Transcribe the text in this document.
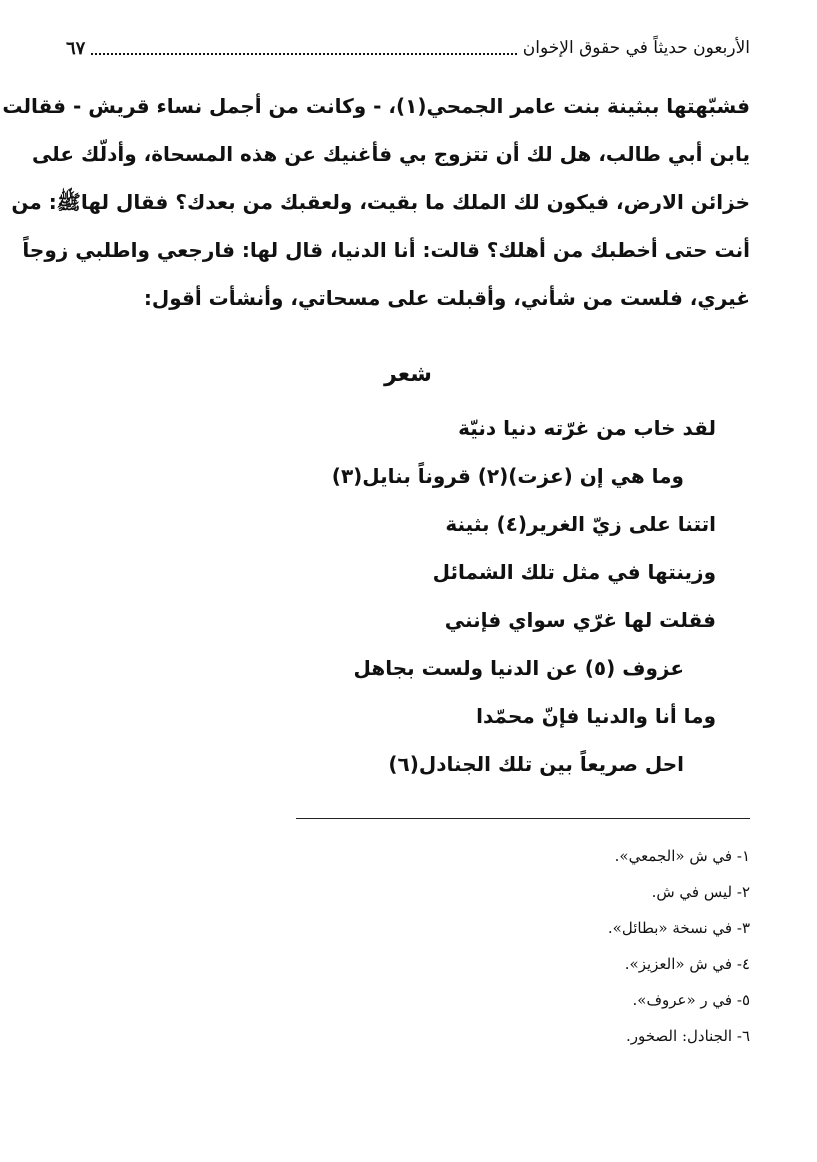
الأربعون حديثاً في حقوق الإخوان
٦٧
فشبّهتها ببثينة بنت عامر الجمحي(١)، - وكانت من أجمل نساء قريش - فقالت
يابن أبي طالب، هل لك أن تتزوج بي فأغنيك عن هذه المسحاة، وأدلّك على
خزائن الارض، فيكون لك الملك ما بقيت، ولعقبك من بعدك؟ فقال لهاﷺ: من
أنت حتى أخطبك من أهلك؟ قالت: أنا الدنيا، قال لها: فارجعي واطلبي زوجاً
غيري، فلست من شأني، وأقبلت على مسحاتي، وأنشأت أقول:
شعر
لقد خاب من غرّته دنيا دنيّة
وما هي إن (عزت)(٢) قروناً بنايل(٣)
اتتنا على زيّ الغرير(٤) بثينة
وزينتها في مثل تلك الشمائل
فقلت لها غرّي سواي فإنني
عزوف (٥) عن الدنيا ولست بجاهل
وما أنا والدنيا فإنّ محمّدا
احل صريعاً بين تلك الجنادل(٦)
١- في ش «الجمعي».
٢- ليس في ش.
٣- في نسخة «بطائل».
٤- في ش «العزيز».
٥- في ر «عروف».
٦- الجنادل: الصخور.
